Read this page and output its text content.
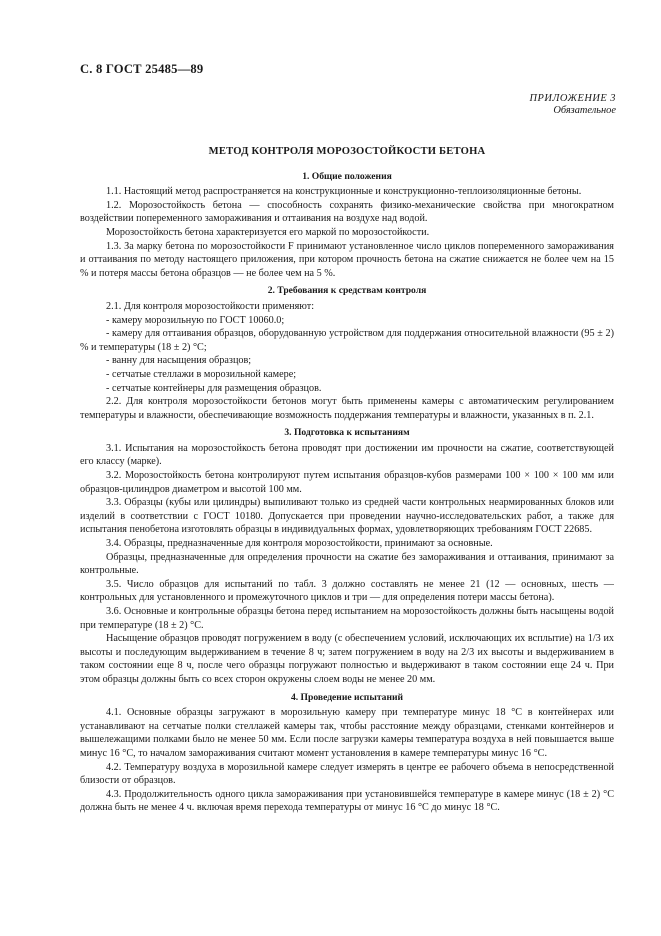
С. 8 ГОСТ 25485—89
ПРИЛОЖЕНИЕ 3
Обязательное
МЕТОД КОНТРОЛЯ МОРОЗОСТОЙКОСТИ БЕТОНА
1. Общие положения

1.1. Настоящий метод распространяется на конструкционные и конструкционно-теплоизоляционные бетоны.

1.2. Морозостойкость бетона — способность сохранять физико-механические свойства при многократном воздействии попеременного замораживания и оттаивания на воздухе над водой.

Морозостойкость бетона характеризуется его маркой по морозостойкости.

1.3. За марку бетона по морозостойкости F принимают установленное число циклов попеременного замораживания и оттаивания по методу настоящего приложения, при котором прочность бетона на сжатие снижается не более чем на 15 % и потеря массы бетона образцов — не более чем на 5 %.

2. Требования к средствам контроля

2.1. Для контроля морозостойкости применяют:

- камеру морозильную по ГОСТ 10060.0;

- камеру для оттаивания образцов, оборудованную устройством для поддержания относительной влажности (95 ± 2) % и температуры (18 ± 2) °С;

- ванну для насыщения образцов;

- сетчатые стеллажи в морозильной камере;

- сетчатые контейнеры для размещения образцов.

2.2. Для контроля морозостойкости бетонов могут быть применены камеры с автоматическим регулированием температуры и влажности, обеспечивающие возможность поддержания температуры и влажности, указанных в п. 2.1.

3. Подготовка к испытаниям

3.1. Испытания на морозостойкость бетона проводят при достижении им прочности на сжатие, соответствующей его классу (марке).

3.2. Морозостойкость бетона контролируют путем испытания образцов-кубов размерами 100 × 100 × 100 мм или образцов-цилиндров диаметром и высотой 100 мм.

3.3. Образцы (кубы или цилиндры) выпиливают только из средней части контрольных неармированных блоков или изделий в соответствии с ГОСТ 10180. Допускается при проведении научно-исследовательских работ, а также для испытания пенобетона изготовлять образцы в индивидуальных формах, удовлетворяющих требованиям ГОСТ 22685.

3.4. Образцы, предназначенные для контроля морозостойкости, принимают за основные.

Образцы, предназначенные для определения прочности на сжатие без замораживания и оттаивания, принимают за контрольные.

3.5. Число образцов для испытаний по табл. 3 должно составлять не менее 21 (12 — основных, шесть — контрольных для установленного и промежуточного циклов и три — для определения потери массы бетона).

3.6. Основные и контрольные образцы бетона перед испытанием на морозостойкость должны быть насыщены водой при температуре (18 ± 2) °С.

Насыщение образцов проводят погружением в воду (с обеспечением условий, исключающих их всплытие) на 1/3 их высоты и последующим выдерживанием в течение 8 ч; затем погружением в воду на 2/3 их высоты и выдерживанием в таком состоянии еще 8 ч, после чего образцы погружают полностью и выдерживают в таком состоянии еще 24 ч. При этом образцы должны быть со всех сторон окружены слоем воды не менее 20 мм.

4. Проведение испытаний

4.1. Основные образцы загружают в морозильную камеру при температуре минус 18 °С в контейнерах или устанавливают на сетчатые полки стеллажей камеры так, чтобы расстояние между образцами, стенками контейнеров и вышележащими полками было не менее 50 мм. Если после загрузки камеры температура воздуха в ней повышается выше минус 16 °С, то началом замораживания считают момент установления в камере температуры минус 16 °С.

4.2. Температуру воздуха в морозильной камере следует измерять в центре ее рабочего объема в непосредственной близости от образцов.

4.3. Продолжительность одного цикла замораживания при установившейся температуре в камере минус (18 ± 2) °С должна быть не менее 4 ч. включая время перехода температуры от минус 16 °С до минус 18 °С.
